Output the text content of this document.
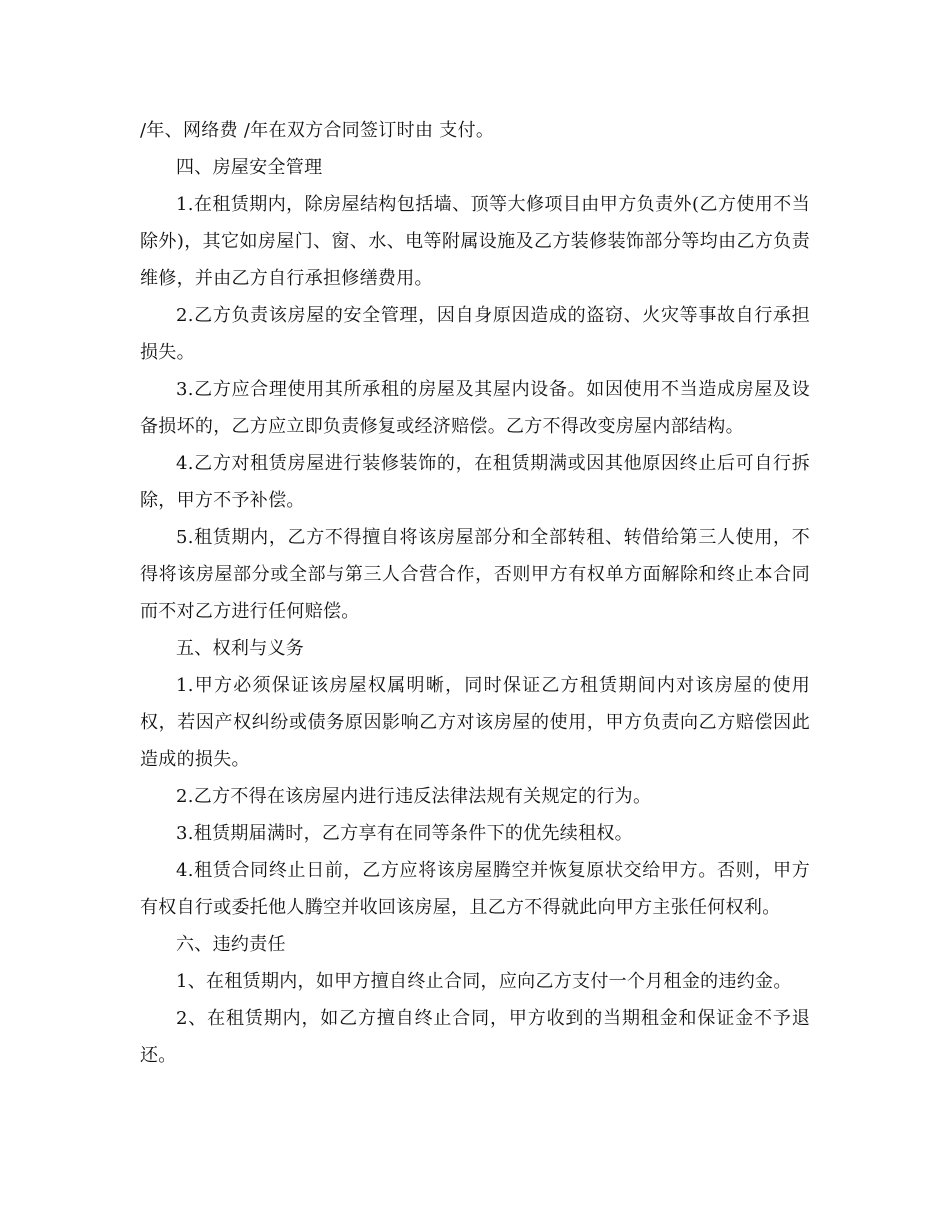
/年、网络费 /年在双方合同签订时由 支付。

四、房屋安全管理

1.在租赁期内，除房屋结构包括墙、顶等大修项目由甲方负责外(乙方使用不当除外)，其它如房屋门、窗、水、电等附属设施及乙方装修装饰部分等均由乙方负责维修，并由乙方自行承担修缮费用。

2.乙方负责该房屋的安全管理，因自身原因造成的盗窃、火灾等事故自行承担损失。

3.乙方应合理使用其所承租的房屋及其屋内设备。如因使用不当造成房屋及设备损坏的，乙方应立即负责修复或经济赔偿。乙方不得改变房屋内部结构。

4.乙方对租赁房屋进行装修装饰的，在租赁期满或因其他原因终止后可自行拆除，甲方不予补偿。

5.租赁期内，乙方不得擅自将该房屋部分和全部转租、转借给第三人使用，不得将该房屋部分或全部与第三人合营合作，否则甲方有权单方面解除和终止本合同而不对乙方进行任何赔偿。

五、权利与义务

1.甲方必须保证该房屋权属明晰，同时保证乙方租赁期间内对该房屋的使用权，若因产权纠纷或债务原因影响乙方对该房屋的使用，甲方负责向乙方赔偿因此造成的损失。

2.乙方不得在该房屋内进行违反法律法规有关规定的行为。

3.租赁期届满时，乙方享有在同等条件下的优先续租权。

4.租赁合同终止日前，乙方应将该房屋腾空并恢复原状交给甲方。否则，甲方有权自行或委托他人腾空并收回该房屋，且乙方不得就此向甲方主张任何权利。

六、违约责任

1、在租赁期内，如甲方擅自终止合同，应向乙方支付一个月租金的违约金。

2、在租赁期内，如乙方擅自终止合同，甲方收到的当期租金和保证金不予退还。
